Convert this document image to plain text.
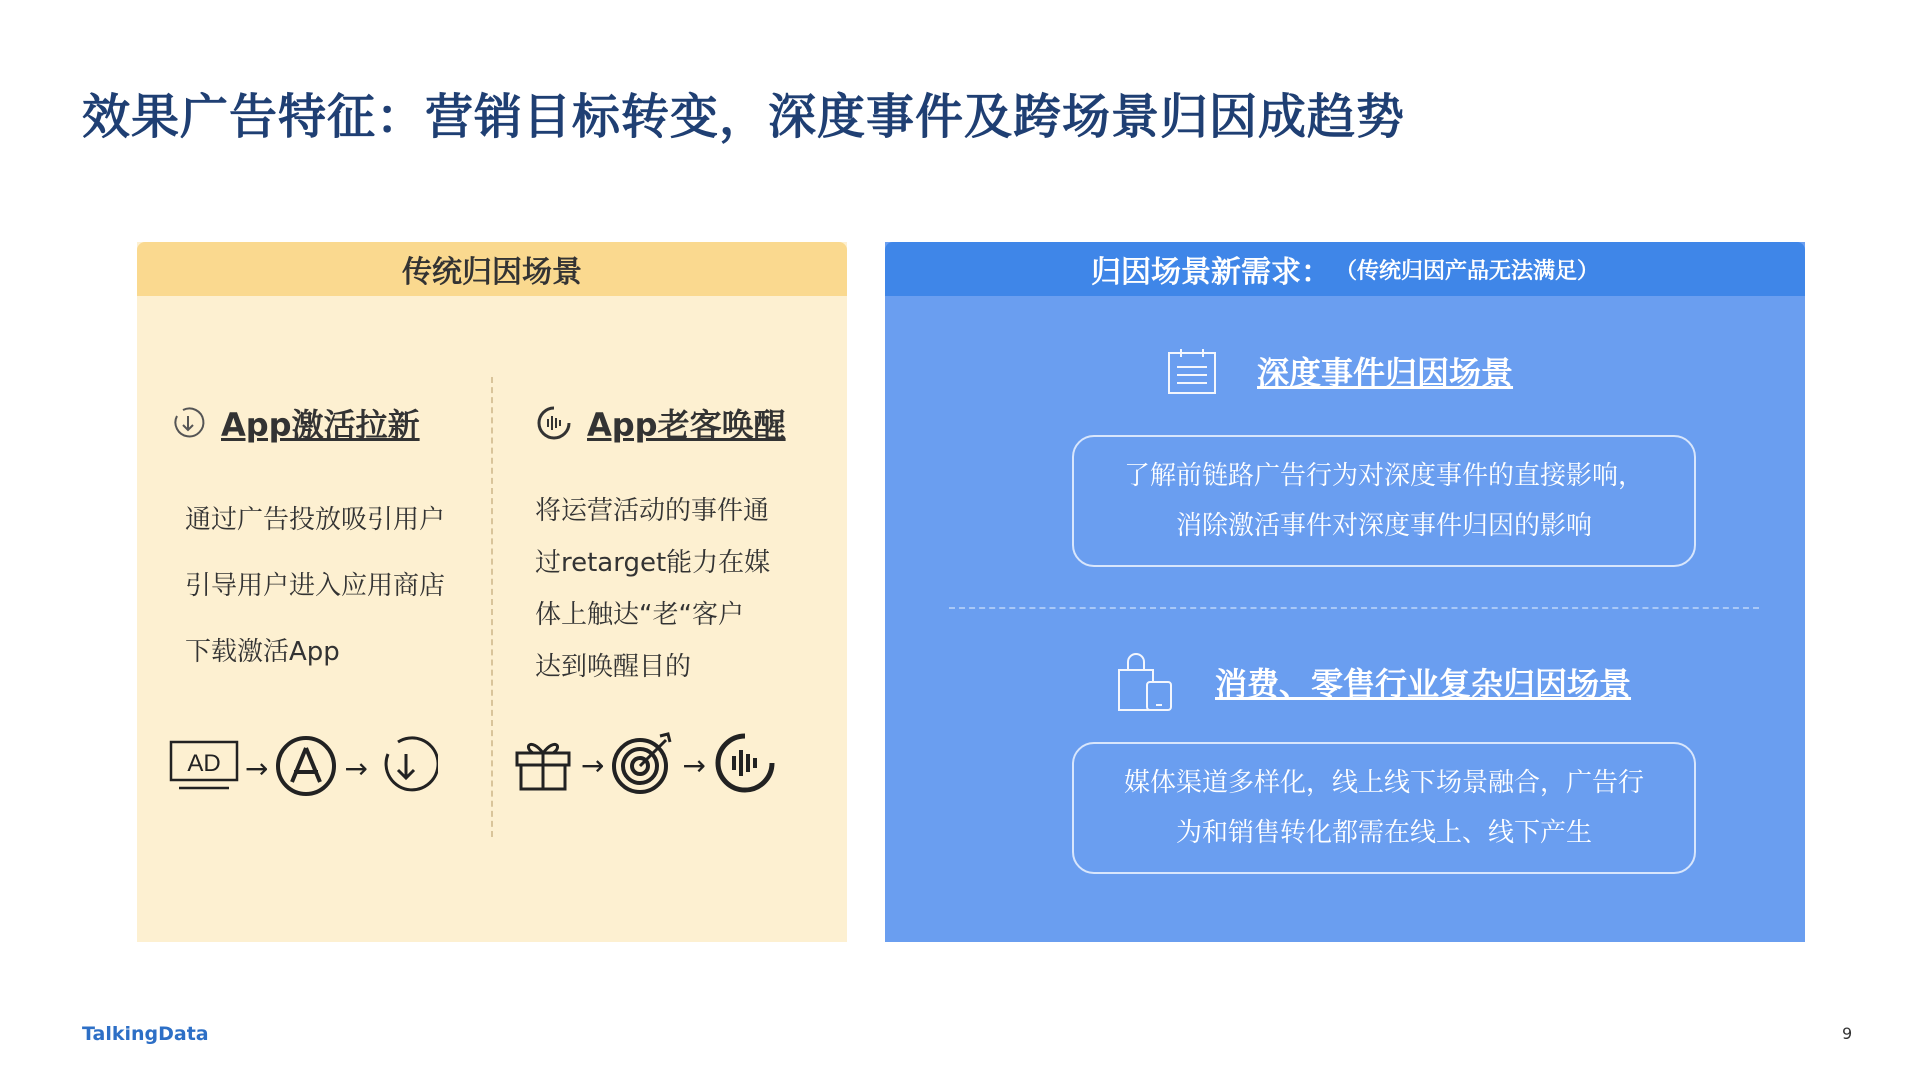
效果广告特征：营销目标转变，深度事件及跨场景归因成趋势
传统归因场景
App激活拉新
通过广告投放吸引用户
引导用户进入应用商店
下载激活App
AD →	→
App老客唤醒
将运营活动的事件通
过retarget能力在媒
体上触达“老“客户
达到唤醒目的
→	→
归因场景新需求： （传统归因产品无法满足）
深度事件归因场景
了解前链路广告行为对深度事件的直接影响，
消除激活事件对深度事件归因的影响
消费、零售行业复杂归因场景
媒体渠道多样化，线上线下场景融合，广告行
为和销售转化都需在线上、线下产生
TalkingData	9
